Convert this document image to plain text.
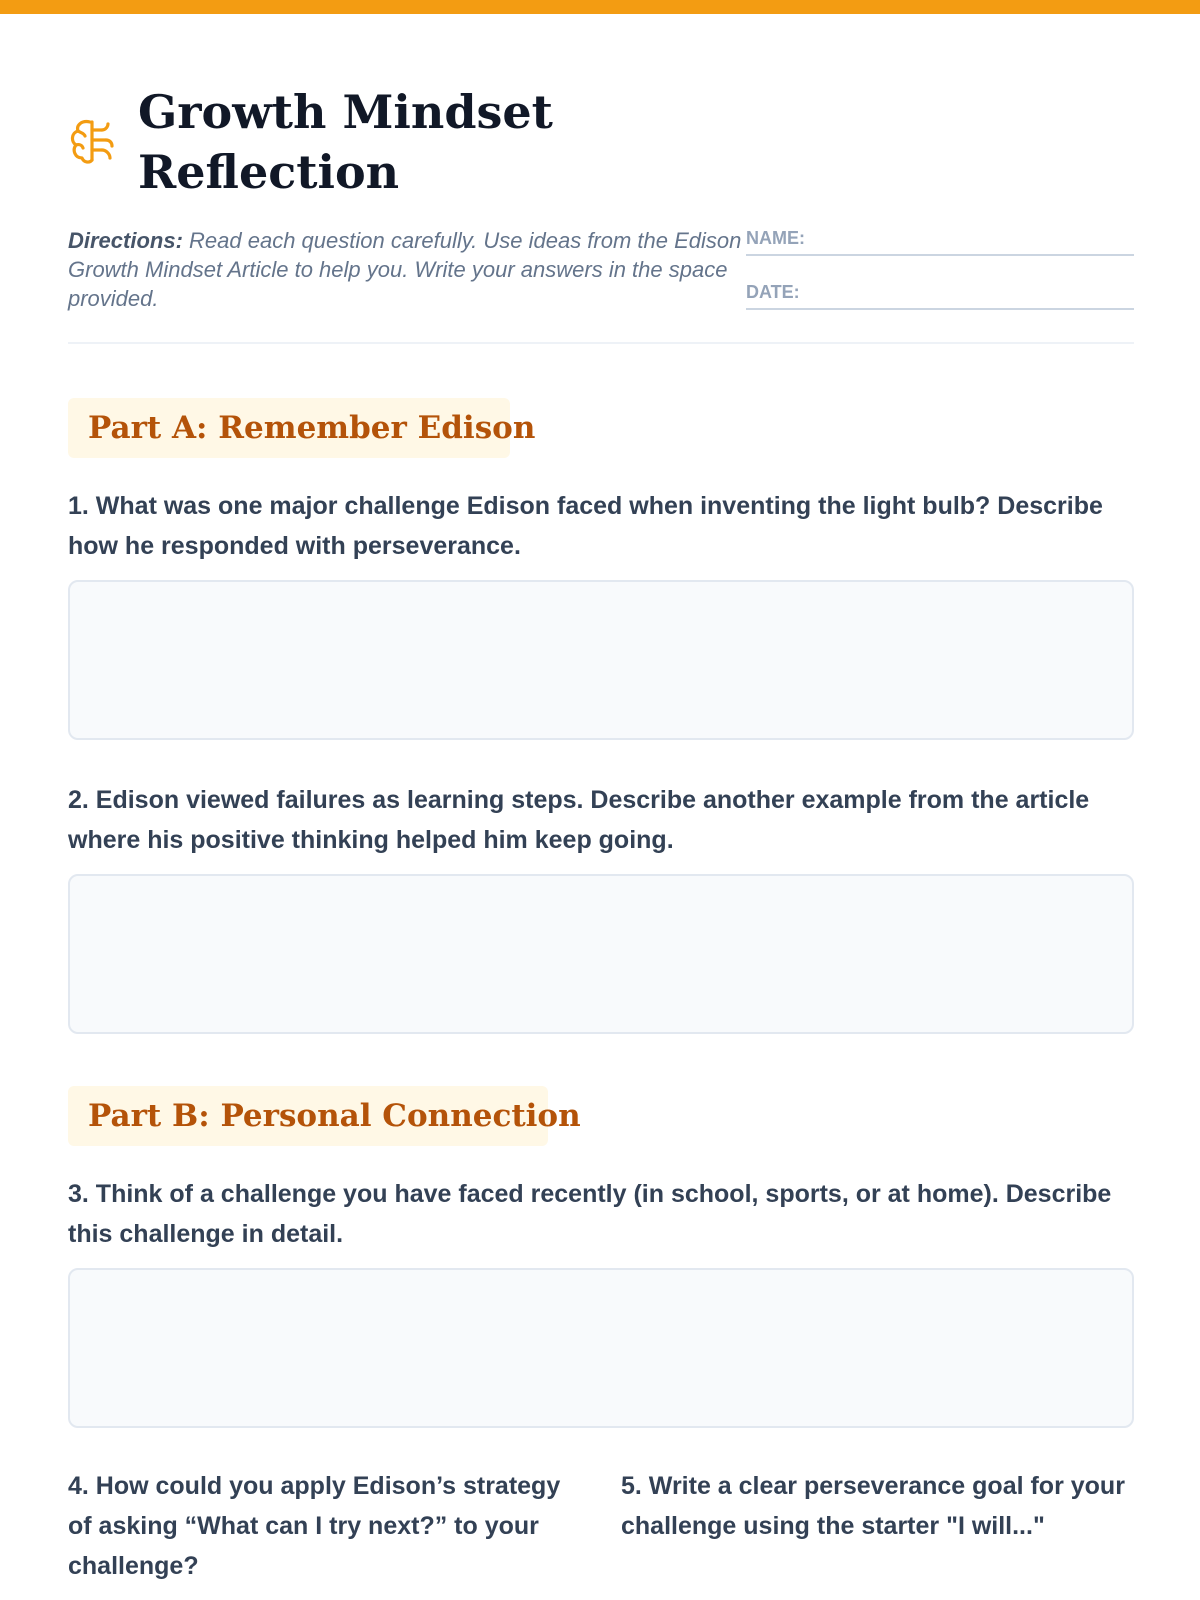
Growth Mindset Reflection
Directions: Read each question carefully. Use ideas from the Edison Growth Mindset Article to help you. Write your answers in the space provided.
NAME:
DATE:
Part A: Remember Edison
1. What was one major challenge Edison faced when inventing the light bulb? Describe how he responded with perseverance.
2. Edison viewed failures as learning steps. Describe another example from the article where his positive thinking helped him keep going.
Part B: Personal Connection
3. Think of a challenge you have faced recently (in school, sports, or at home). Describe this challenge in detail.
4. How could you apply Edison’s strategy of asking “What can I try next?” to your challenge?
5. Write a clear perseverance goal for your challenge using the starter "I will..."
